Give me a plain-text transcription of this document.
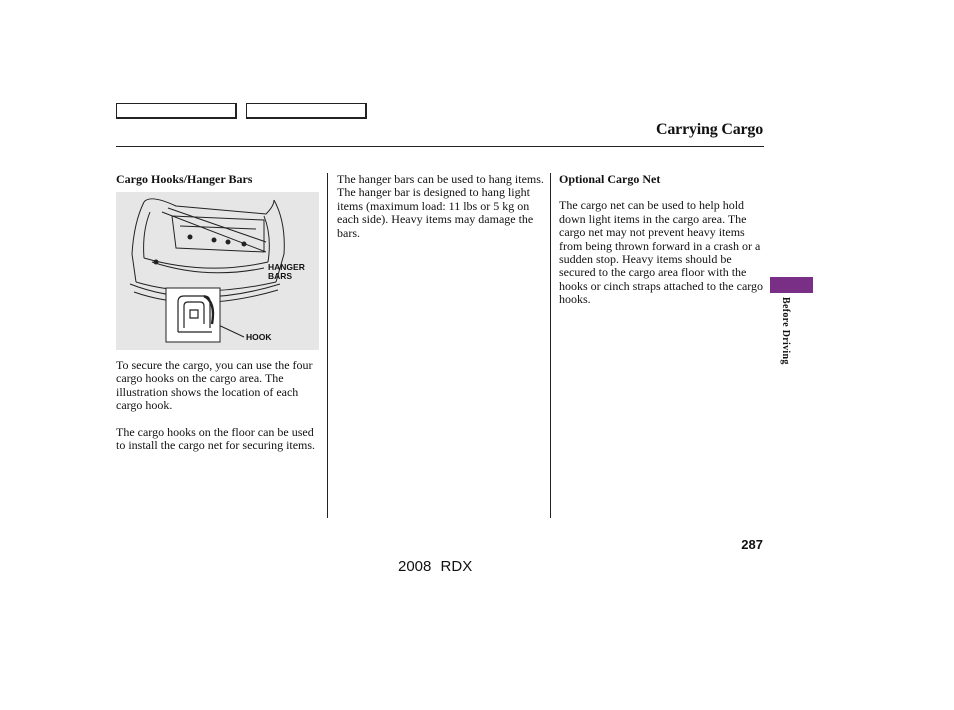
Carrying Cargo

Cargo Hooks/Hanger Bars

HANGER
BARS
HOOK

To secure the cargo, you can use the four cargo hooks on the cargo area. The illustration shows the location of each cargo hook.

The cargo hooks on the floor can be used to install the cargo net for securing items.

The hanger bars can be used to hang items. The hanger bar is designed to hang light items (maximum load: 11 lbs or 5 kg on each side). Heavy items may damage the bars.

Optional Cargo Net

The cargo net can be used to help hold down light items in the cargo area. The cargo net may not prevent heavy items from being thrown forward in a crash or a sudden stop. Heavy items should be secured to the cargo area floor with the hooks or cinch straps attached to the cargo hooks.	Before Driving
287
2008 RDX
